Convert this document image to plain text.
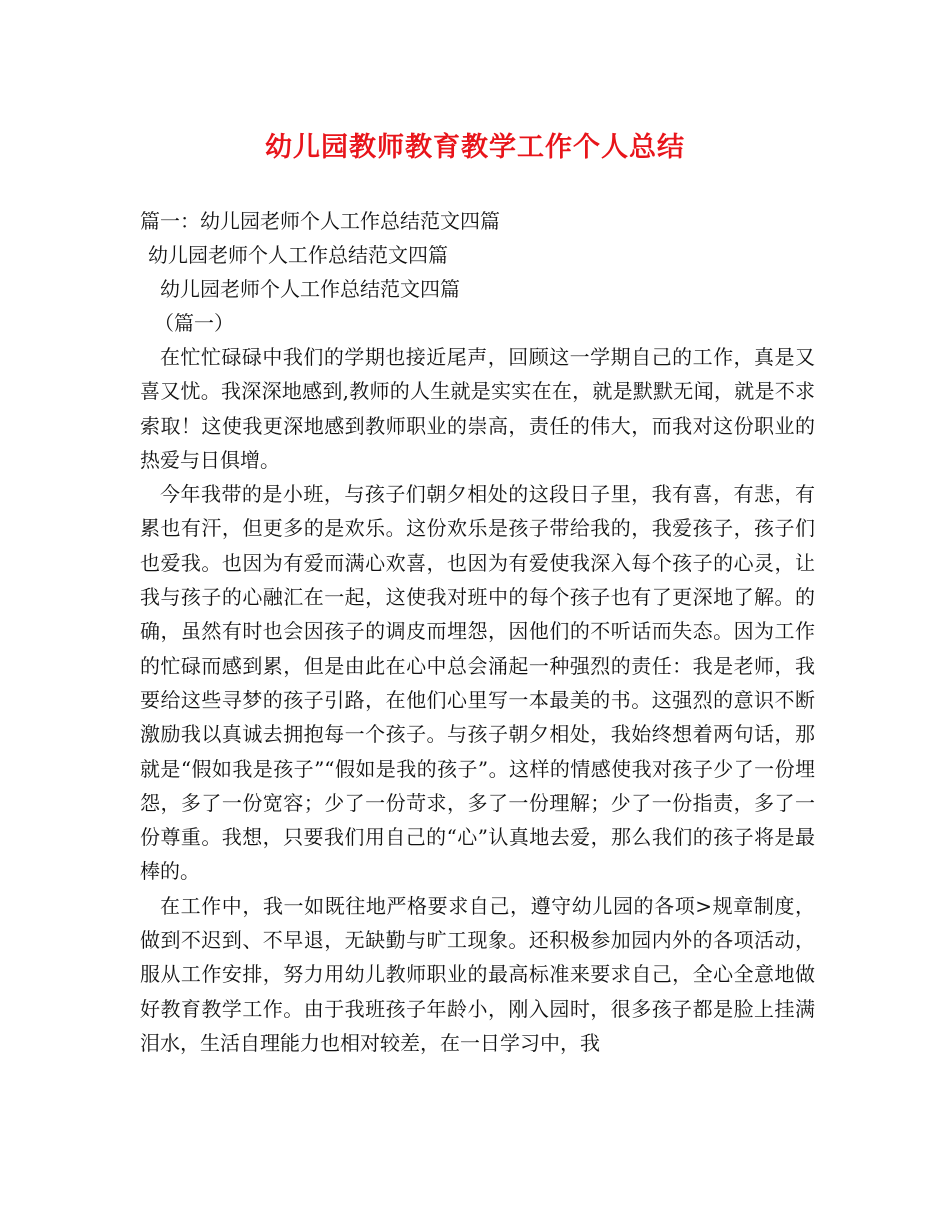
幼儿园教师教育教学工作个人总结
篇一：幼儿园老师个人工作总结范文四篇
幼儿园老师个人工作总结范文四篇
幼儿园老师个人工作总结范文四篇
（篇一）

在忙忙碌碌中我们的学期也接近尾声，回顾这一学期自己的工作，真是又喜又忧。我深深地感到,教师的人生就是实实在在，就是默默无闻，就是不求索取！这使我更深地感到教师职业的崇高，责任的伟大，而我对这份职业的热爱与日俱增。

今年我带的是小班，与孩子们朝夕相处的这段日子里，我有喜，有悲，有累也有汗，但更多的是欢乐。这份欢乐是孩子带给我的，我爱孩子，孩子们也爱我。也因为有爱而满心欢喜，也因为有爱使我深入每个孩子的心灵，让我与孩子的心融汇在一起，这使我对班中的每个孩子也有了更深地了解。的确，虽然有时也会因孩子的调皮而埋怨，因他们的不听话而失态。因为工作的忙碌而感到累，但是由此在心中总会涌起一种强烈的责任：我是老师，我要给这些寻梦的孩子引路，在他们心里写一本最美的书。这强烈的意识不断激励我以真诚去拥抱每一个孩子。与孩子朝夕相处，我始终想着两句话，那就是“假如我是孩子”“假如是我的孩子”。这样的情感使我对孩子少了一份埋怨，多了一份宽容；少了一份苛求，多了一份理解；少了一份指责，多了一份尊重。我想，只要我们用自己的“心”认真地去爱，那么我们的孩子将是最棒的。

在工作中，我一如既往地严格要求自己，遵守幼儿园的各项>规章制度，做到不迟到、不早退，无缺勤与旷工现象。还积极参加园内外的各项活动，服从工作安排，努力用幼儿教师职业的最高标准来要求自己，全心全意地做好教育教学工作。由于我班孩子年龄小，刚入园时，很多孩子都是脸上挂满泪水，生活自理能力也相对较差，在一日学习中，我
